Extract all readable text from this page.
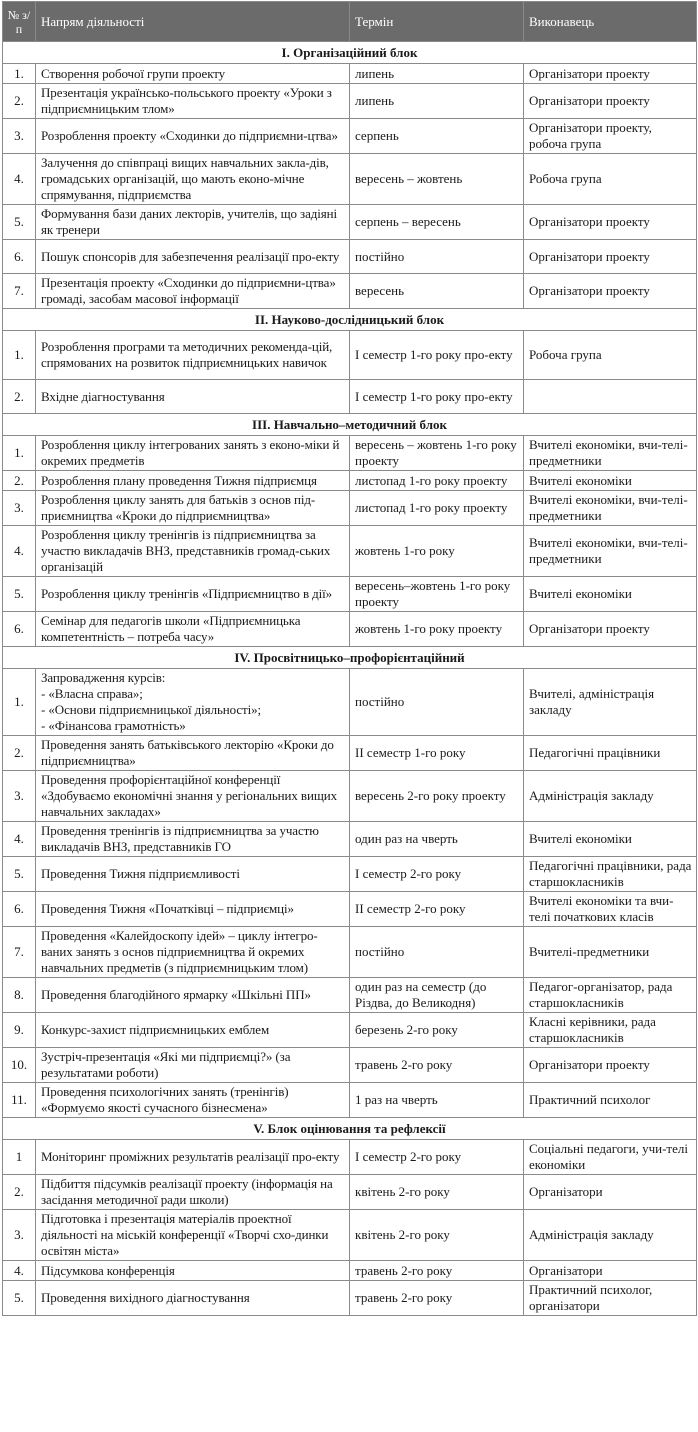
№ з/п	Напрям діяльності	Термін	Виконавець
І. Організаційний блок			
1.	Створення робочої групи проекту	липень	Організатори проекту
2.	Презентація українсько-польського проекту «Уроки з підприємницьким тлом»	липень	Організатори проекту
3.	Розроблення проекту «Сходинки до підприємни-цтва»	серпень	Організатори проекту, робоча група
4.	Залучення до співпраці вищих навчальних закла-дів, громадських організацій, що мають еконо-мічне спрямування, підприємства	вересень – жовтень	Робоча група
5.	Формування бази даних лекторів, учителів, що задіяні як тренери	серпень – вересень	Організатори проекту
6.	Пошук спонсорів для забезпечення реалізації про-екту	постійно	Організатори проекту
7.	Презентація проекту «Сходинки до підприємни-цтва» громаді, засобам масової інформації	вересень	Організатори проекту
ІІ. Науково-дослідницький блок			
1.	Розроблення програми та методичних рекоменда-цій, спрямованих на розвиток підприємницьких навичок	І семестр 1-го року про-екту	Робоча група
2.	Вхідне діагностування	І семестр 1-го року про-екту	
ІІІ. Навчально–методичний блок			
1.	Розроблення циклу інтегрованих занять з еконо-міки й окремих предметів	вересень – жовтень 1-го року проекту	Вчителі економіки, вчи-телі-предметники
2.	Розроблення плану проведення Тижня підприємця	листопад 1-го року проекту	Вчителі економіки
3.	Розроблення циклу занять для батьків з основ під-приємництва «Кроки до підприємництва»	листопад 1-го року проекту	Вчителі економіки, вчи-телі-предметники
4.	Розроблення циклу тренінгів із підприємництва за участю викладачів ВНЗ, представників громад-ських організацій	жовтень 1-го року	Вчителі економіки, вчи-телі-предметники
5.	Розроблення циклу тренінгів «Підприємництво в дії»	вересень–жовтень 1-го року проекту	Вчителі економіки
6.	Семінар для педагогів школи «Підприємницька компетентність – потреба часу»	жовтень 1-го року проекту	Організатори проекту
IV. Просвітницько–профорієнтаційний			
1.	Запровадження курсів:
- «Власна справа»;
- «Основи підприємницької діяльності»;
- «Фінансова грамотність»	постійно	Вчителі, адміністрація закладу
2.	Проведення занять батьківського лекторію «Кроки до підприємництва»	ІІ семестр 1-го року	Педагогічні працівники
3.	Проведення профорієнтаційної конференції «Здобуваємо економічні знання у регіональних вищих навчальних закладах»	вересень 2-го року проекту	Адміністрація закладу
4.	Проведення тренінгів із підприємництва за участю викладачів ВНЗ, представників ГО	один раз на чверть	Вчителі економіки
5.	Проведення Тижня підприємливості	І семестр 2-го року	Педагогічні працівники, рада старшокласників
6.	Проведення Тижня «Початківці – підприємці»	ІІ семестр 2-го року	Вчителі економіки та вчи-телі початкових класів
7.	Проведення «Калейдоскопу ідей» – циклу інтегро-ваних занять з основ підприємництва й окремих навчальних предметів (з підприємницьким тлом)	постійно	Вчителі-предметники
8.	Проведення благодійного ярмарку «Шкільні ПП»	один раз на семестр (до Різдва, до Великодня)	Педагог-організатор, рада старшокласників
9.	Конкурс-захист підприємницьких емблем	березень 2-го року	Класні керівники, рада старшокласників
10.	Зустріч-презентація «Які ми підприємці?» (за результатами роботи)	травень 2-го року	Організатори проекту
11.	Проведення психологічних занять (тренінгів) «Формуємо якості сучасного бізнесмена»	1 раз на чверть	Практичний психолог
V. Блок оцінювання та рефлексії			
1	Моніторинг проміжних результатів реалізації про-екту	І семестр 2-го року	Соціальні педагоги, учи-телі економіки
2.	Підбиття підсумків реалізації проекту (інформація на засідання методичної ради школи)	квітень 2-го року	Організатори
3.	Підготовка і презентація матеріалів проектної діяльності на міській конференції «Творчі схо-динки освітян міста»	квітень 2-го року	Адміністрація закладу
4.	Підсумкова конференція	травень 2-го року	Організатори
5.	Проведення вихідного діагностування	травень 2-го року	Практичний психолог, організатори
